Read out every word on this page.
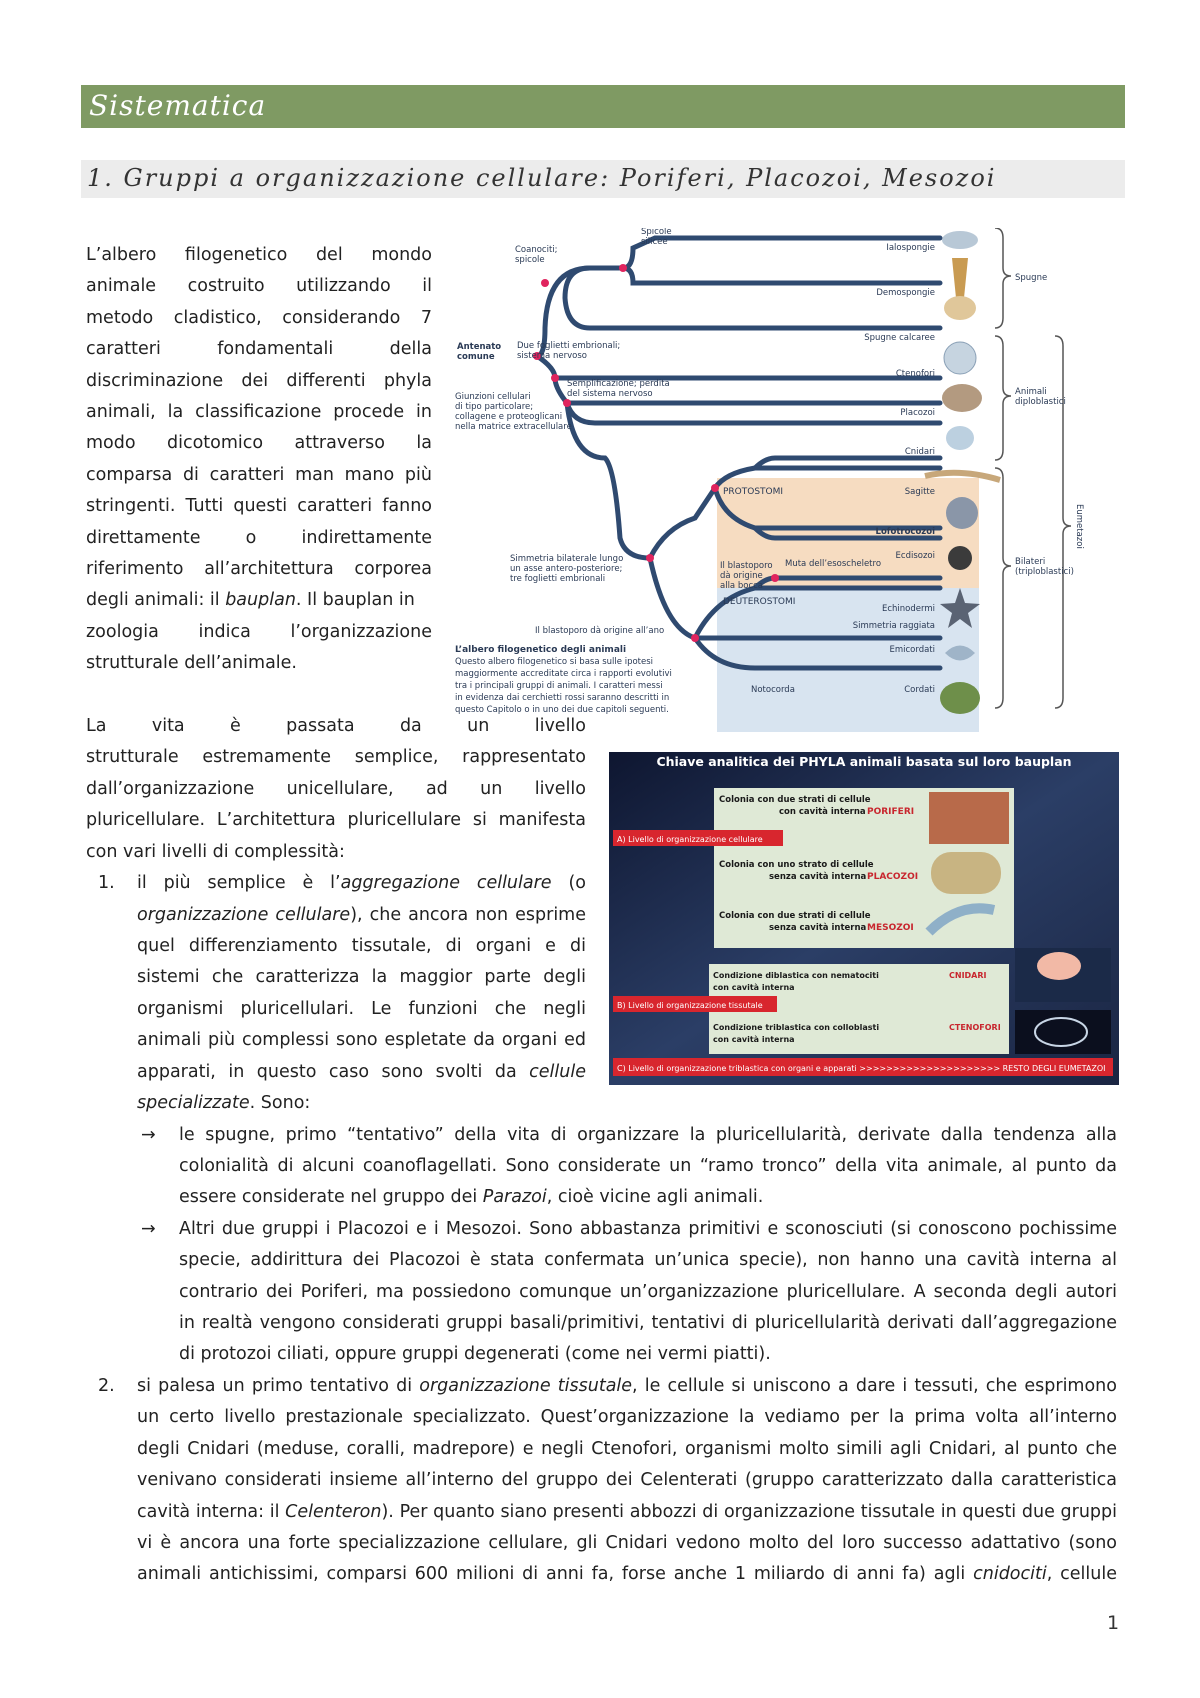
Sistematica
1. Gruppi a organizzazione cellulare: Poriferi, Placozoi, Mesozoi
L’albero filogenetico del mondo
animale costruito utilizzando il
metodo cladistico, considerando 7
caratteri fondamentali della
discriminazione dei differenti phyla
animali, la classificazione procede in
modo dicotomico attraverso la
comparsa di caratteri man mano più
stringenti. Tutti questi caratteri fanno
direttamente o indirettamente
riferimento all’architettura corporea
degli animali: il bauplan. Il bauplan in
zoologia indica l’organizzazione
strutturale dell’animale.
La vita è passata da un livello
strutturale estremamente semplice, rappresentato
dall’organizzazione unicellulare, ad un livello
pluricellulare. L’architettura pluricellulare si manifesta
con vari livelli di complessità:
1. il più semplice è l’aggregazione cellulare (o
organizzazione cellulare), che ancora non esprime
quel differenziamento tissutale, di organi e di
sistemi che caratterizza la maggior parte degli
organismi pluricellulari. Le funzioni che negli
animali più complessi sono espletate da organi ed
apparati, in questo caso sono svolti da cellule
specializzate. Sono:
→ le spugne, primo “tentativo” della vita di organizzare la pluricellularità, derivate dalla tendenza alla
colonialità di alcuni coanoflagellati. Sono considerate un “ramo tronco” della vita animale, al punto da
essere considerate nel gruppo dei Parazoi, cioè vicine agli animali.
→ Altri due gruppi i Placozoi e i Mesozoi. Sono abbastanza primitivi e sconosciuti (si conoscono pochissime
specie, addirittura dei Placozoi è stata confermata un’unica specie), non hanno una cavità interna al
contrario dei Poriferi, ma possiedono comunque un’organizzazione pluricellulare. A seconda degli autori
in realtà vengono considerati gruppi basali/primitivi, tentativi di pluricellularità derivati dall’aggregazione
di protozoi ciliati, oppure gruppi degenerati (come nei vermi piatti).
2. si palesa un primo tentativo di organizzazione tissutale, le cellule si uniscono a dare i tessuti, che esprimono
un certo livello prestazionale specializzato. Quest’organizzazione la vediamo per la prima volta all’interno
degli Cnidari (meduse, coralli, madrepore) e negli Ctenofori, organismi molto simili agli Cnidari, al punto che
venivano considerati insieme all’interno del gruppo dei Celenterati (gruppo caratterizzato dalla caratteristica
cavità interna: il Celenteron). Per quanto siano presenti abbozzi di organizzazione tissutale in questi due gruppi
vi è ancora una forte specializzazione cellulare, gli Cnidari vedono molto del loro successo adattativo (sono
animali antichissimi, comparsi 600 milioni di anni fa, forse anche 1 miliardo di anni fa) agli cnidociti, cellule
Spicole silicee
Coanociti; spicole
Antenato comune
Due foglietti embrionali; sistema nervoso
Giunzioni cellulari di tipo particolare; collagene e proteoglicani nella matrice extracellulare
Semplificazione; perdita del sistema nervoso
Simmetria bilaterale lungo un asse antero-posteriore; tre foglietti embrionali
Il blastoporo dà origine all’ano
Il blastoporo dà origine alla bocca
Muta dell’esoscheletro
Notocorda
PROTOSTOMI
DEUTEROSTOMI
Ialospongie
Demospongie
Spugne calcaree
Ctenofori
Placozoi
Cnidari
Sagitte
Lofotrocozoi
Ecdisozoi
Echinodermi
Simmetria raggiata
Emicordati
Cordati
Spugne
Animali diploblastici
Bilateri (triploblastici)
Eumetazoi
L’albero filogenetico degli animali
Questo albero filogenetico si basa sulle ipotesi
maggiormente accreditate circa i rapporti evolutivi
tra i principali gruppi di animali. I caratteri messi
in evidenza dai cerchietti rossi saranno descritti in
questo Capitolo o in uno dei due capitoli seguenti.
Chiave analitica dei PHYLA animali basata sul loro bauplan
Colonia con due strati di cellule
con cavità interna PORIFERI
Colonia con uno strato di cellule
senza cavità interna PLACOZOI
Colonia con due strati di cellule
senza cavità interna MESOZOI
A) Livello di organizzazione cellulare
Condizione diblastica con nematociti
con cavità interna
CNIDARI
Condizione triblastica con colloblasti
con cavità interna
CTENOFORI
B) Livello di organizzazione tissutale
C) Livello di organizzazione triblastica con organi e apparati >>>>>>>>>>>>>>>>>>>>> RESTO DEGLI EUMETAZOI
1
